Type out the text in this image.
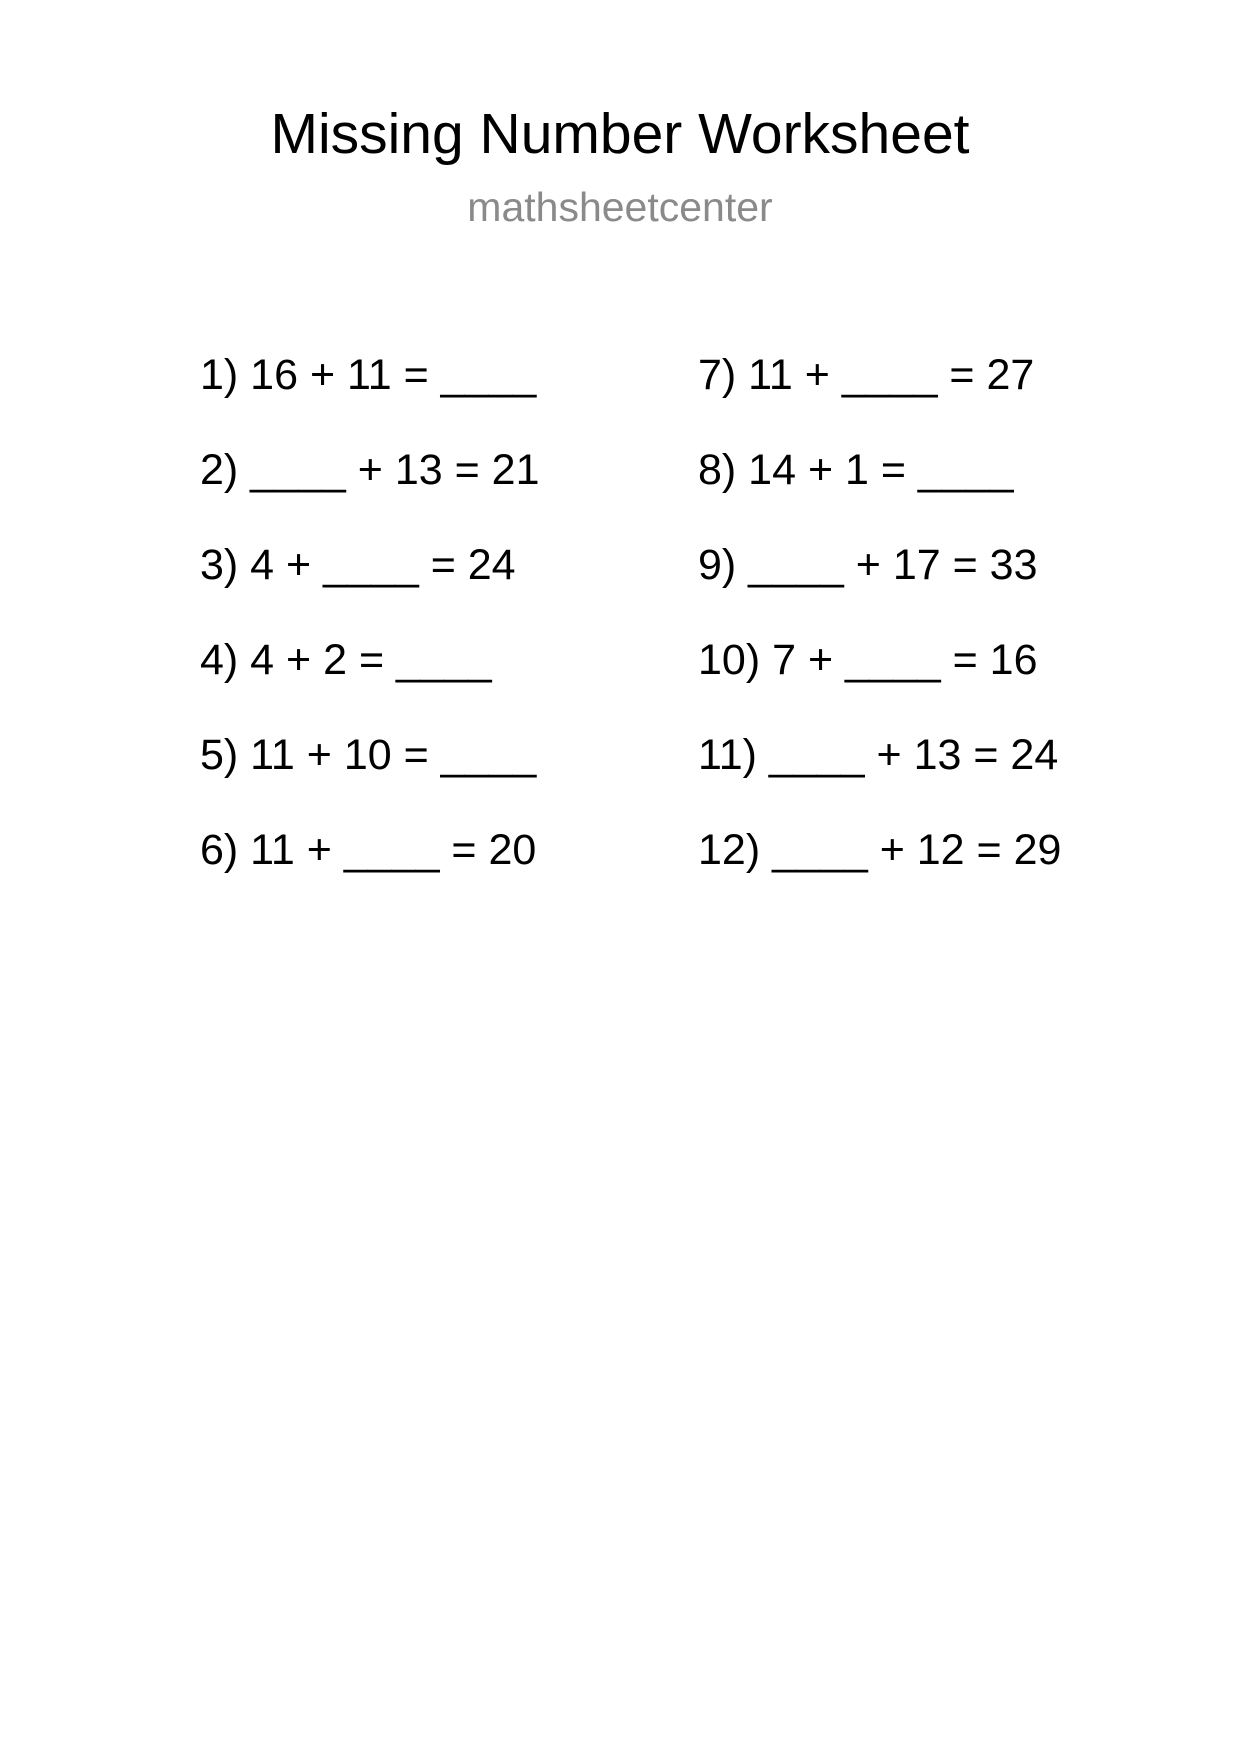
Missing Number Worksheet
mathsheetcenter
1) 16 + 11 = ____
2) ____ + 13 = 21
3) 4 + ____ = 24
4) 4 + 2 = ____
5) 11 + 10 = ____
6) 11 + ____ = 20
7) 11 + ____ = 27
8) 14 + 1 = ____
9) ____ + 17 = 33
10) 7 + ____ = 16
11) ____ + 13 = 24
12) ____ + 12 = 29
